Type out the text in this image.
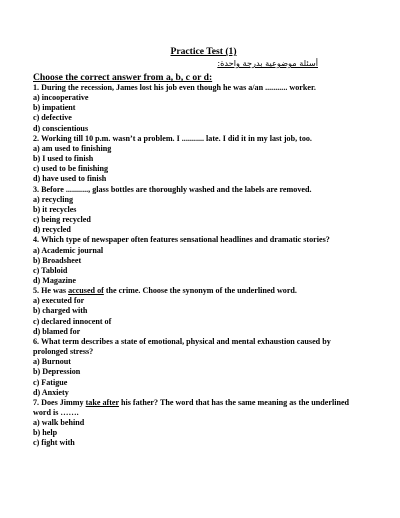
Practice Test (1)

أسئلة موضوعية بدرجة واحدة:

Choose the correct answer from a, b, c or d:

1. During the recession, James lost his job even though he was a/an ........... worker.

a) incooperative

b) impatient

c) defective

d) conscientious

2. Working till 10 p.m. wasn’t a problem. I ........... late. I did it in my last job, too.

a) am used to finishing

b) I used to finish

c) used to be finishing

d) have used to finish

3. Before ..........., glass bottles are thoroughly washed and the labels are removed.

a) recycling

b) it recycles

c) being recycled

d) recycled

4. Which type of newspaper often features sensational headlines and dramatic stories?

a) Academic journal

b) Broadsheet

c) Tabloid

d) Magazine

5. He was accused of the crime. Choose the synonym of the underlined word.

a) executed for

b) charged with

c) declared innocent of

d) blamed for

6. What term describes a state of emotional, physical and mental exhaustion caused by

prolonged stress?

a) Burnout

b) Depression

c) Fatigue

d) Anxiety

7. Does Jimmy take after his father? The word that has the same meaning as the underlined

word is …….

a) walk behind

b) help

c) fight with
